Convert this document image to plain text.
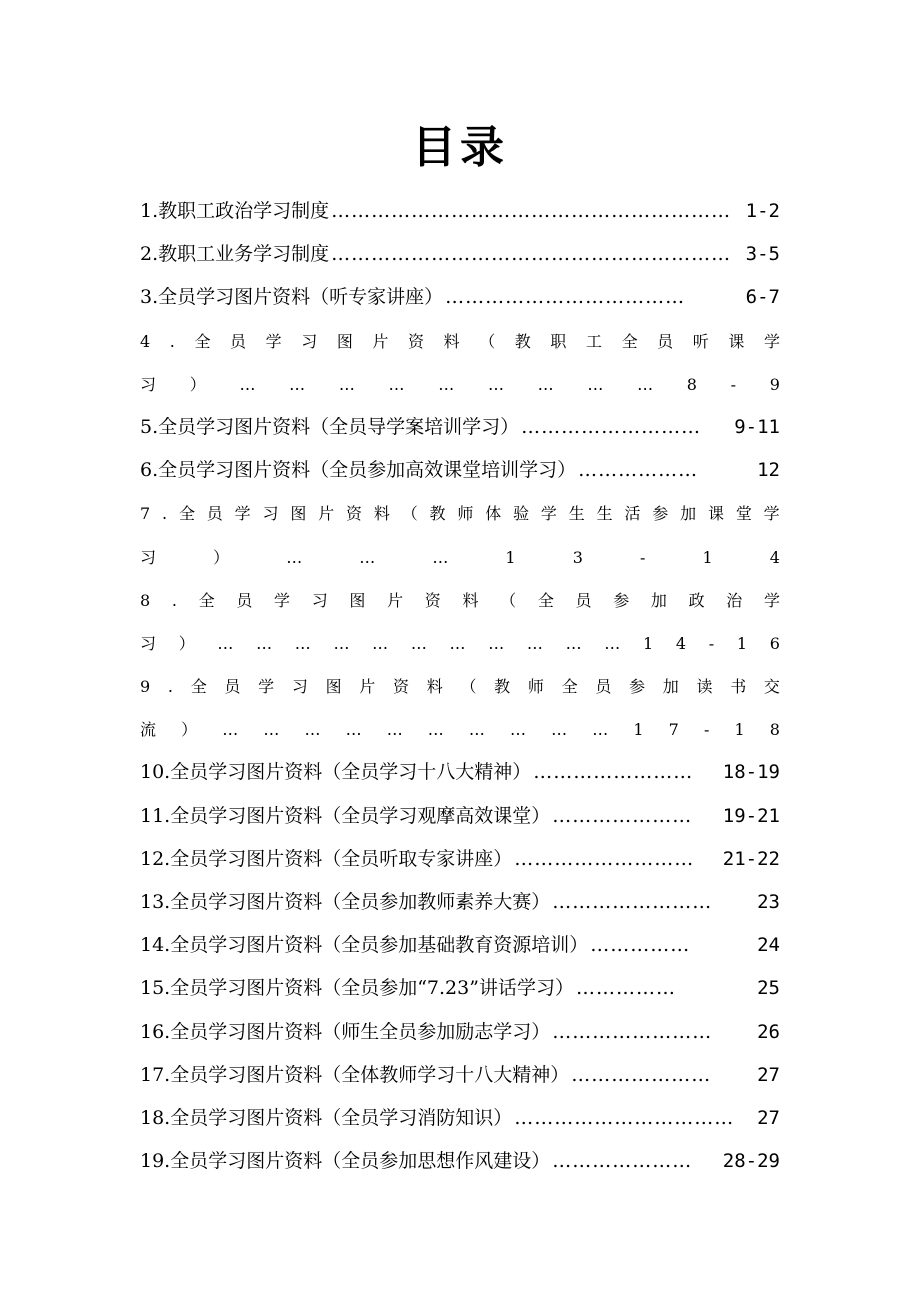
目录
1.教职工政治学习制度 …………………………………………………… 1-2
2.教职工业务学习制度 …………………………………………………… 3-5
3.全员学习图片资料（听专家讲座） ………………………………	6-7
4 . 全 员 学 习 图 片 资 料 （ 教 职 工 全 员 听 课 学
习 ） … … … … … … … … … 8 - 9
5.全员学习图片资料（全员导学案培训学习） ………………………	9-11
6.全员学习图片资料（全员参加高效课堂培训学习） ………………	12
7 . 全 员 学 习 图 片 资 料 （ 教 师 体 验 学 生 生 活 参 加 课 堂 学
习	）	…	…	…	1	3	-	1	4
8 . 全 员 学 习 图 片 资 料 （ 全 员 参 加 政 治 学
习 ） … … … … … … … … … … … 1 4 - 1 6
9 . 全 员 学 习 图 片 资 料 （ 教 师 全 员 参 加 读 书 交
流 ） … … … … … … … … … … 1 7 - 1 8
10.全员学习图片资料（全员学习十八大精神） ……………………	18-19
11.全员学习图片资料（全员学习观摩高效课堂） …………………	19-21
12.全员学习图片资料（全员听取专家讲座） ………………………	21-22
13.全员学习图片资料（全员参加教师素养大赛） ……………………	23
14.全员学习图片资料（全员参加基础教育资源培训） ……………	24
15.全员学习图片资料（全员参加“7.23”讲话学习） ……………	25
16.全员学习图片资料（师生全员参加励志学习） ……………………	26
17.全员学习图片资料（全体教师学习十八大精神） …………………	27
18.全员学习图片资料（全员学习消防知识） ……………………………	27
19.全员学习图片资料（全员参加思想作风建设） …………………	28-29
